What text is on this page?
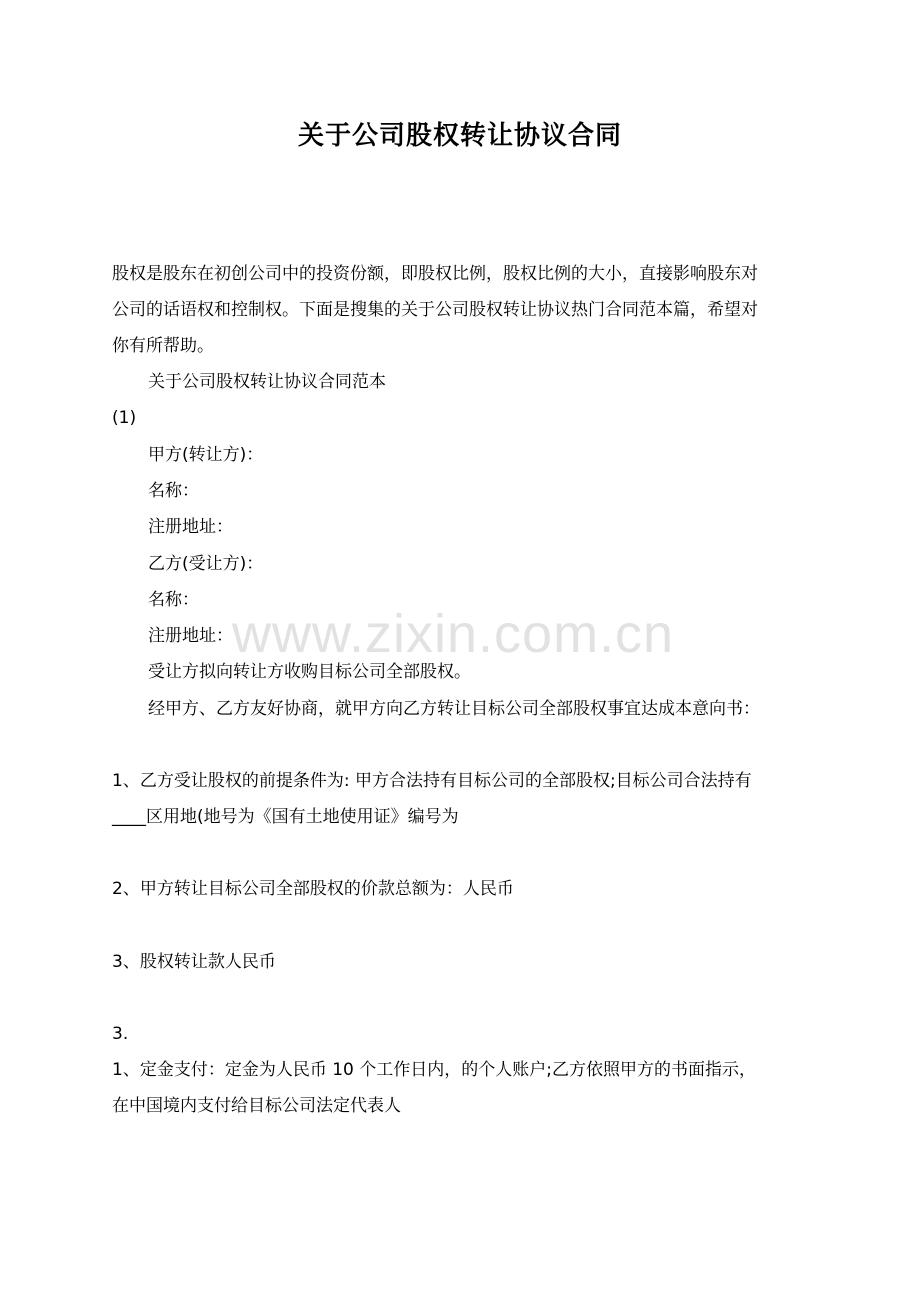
关于公司股权转让协议合同
股权是股东在初创公司中的投资份额，即股权比例，股权比例的大小，直接影响股东对
公司的话语权和控制权。下面是搜集的关于公司股权转让协议热门合同范本篇，希望对
你有所帮助。
关于公司股权转让协议合同范本
(1)
甲方(转让方)：
名称：
注册地址：
乙方(受让方)：
名称：
注册地址：
受让方拟向转让方收购目标公司全部股权。
经甲方、乙方友好协商，就甲方向乙方转让目标公司全部股权事宜达成本意向书：
1、乙方受让股权的前提条件为: 甲方合法持有目标公司的全部股权;目标公司合法持有
____区用地(地号为《国有土地使用证》编号为
2、甲方转让目标公司全部股权的价款总额为：人民币
3、股权转让款人民币
3.
1、定金支付：定金为人民币 10 个工作日内，的个人账户;乙方依照甲方的书面指示，
在中国境内支付给目标公司法定代表人
www.zixin.com.cn
